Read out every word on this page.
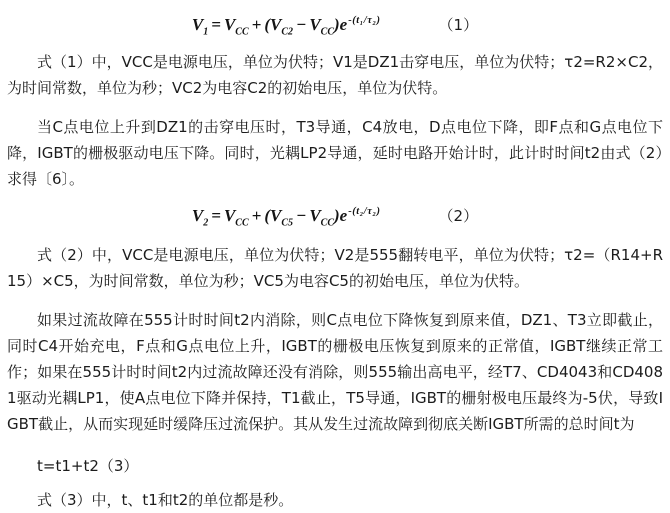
$V_1 = V_{CC} + (V_{C2} - V_{CC})e^{-(t_1/\tau_2)}$	（1）

式（1）中，VCC是电源电压，单位为伏特；V1是DZ1击穿电压，单位为伏特；τ2=R2×C2，为时间常数，单位为秒；VC2为电容C2的初始电压，单位为伏特。

当C点电位上升到DZ1的击穿电压时，T3导通，C4放电，D点电位下降，即F点和G点电位下降，IGBT的栅极驱动电压下降。同时，光耦LP2导通，延时电路开始计时，此计时时间t2由式（2）求得〔6〕。

$V_2 = V_{CC} + (V_{C5} - V_{CC})e^{-(t_2/\tau_2)}$	（2）

式（2）中，VCC是电源电压，单位为伏特；V2是555翻转电平，单位为伏特；τ2=（R14+R15）×C5，为时间常数，单位为秒；VC5为电容C5的初始电压，单位为伏特。

如果过流故障在555计时时间t2内消除，则C点电位下降恢复到原来值，DZ1、T3立即截止，同时C4开始充电，F点和G点电位上升，IGBT的栅极电压恢复到原来的正常值，IGBT继续正常工作；如果在555计时时间t2内过流故障还没有消除，则555输出高电平，经T7、CD4043和CD4081驱动光耦LP1，使A点电位下降并保持，T1截止，T5导通，IGBT的栅射极电压最终为-5伏，导致IGBT截止，从而实现延时缓降压过流保护。其从发生过流故障到彻底关断IGBT所需的总时间t为

t=t1+t2（3）

式（3）中，t、t1和t2的单位都是秒。
